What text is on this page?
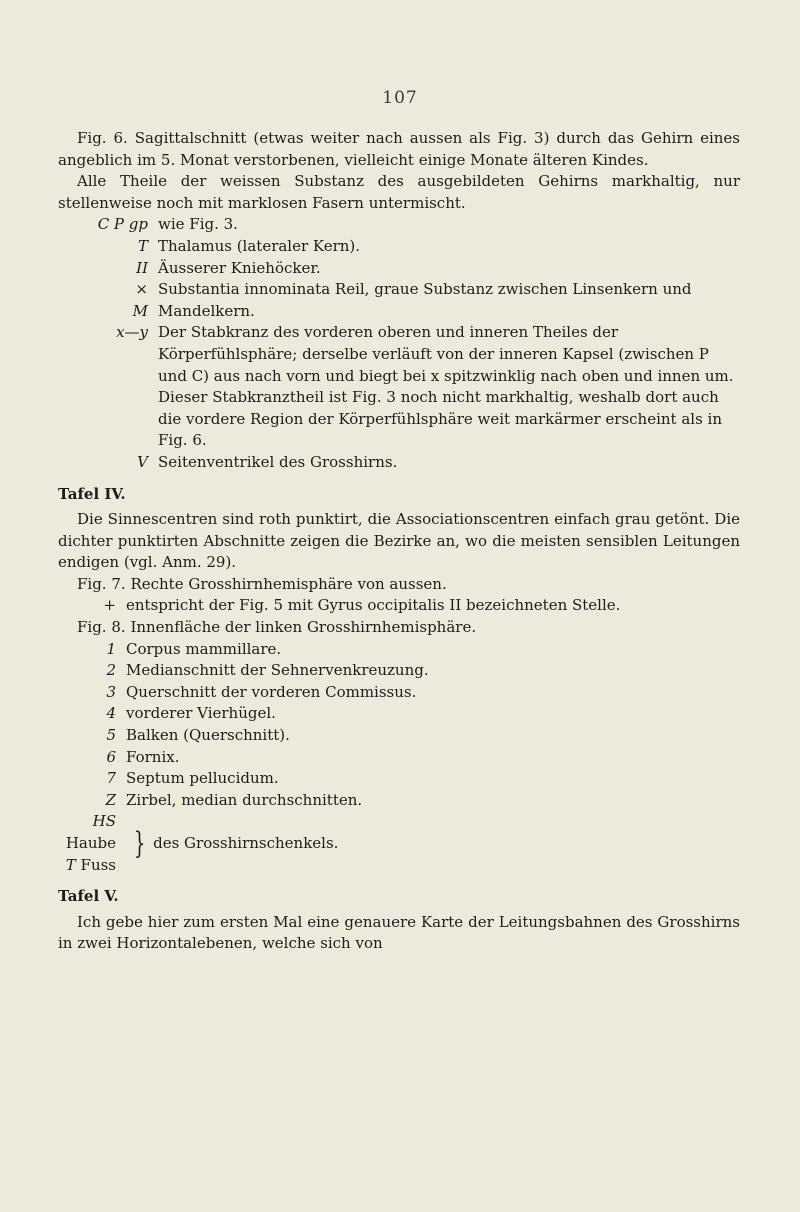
107

Fig. 6. Sagittalschnitt (etwas weiter nach aussen als Fig. 3) durch das Gehirn eines angeblich im 5. Monat verstorbenen, vielleicht einige Monate älteren Kindes.

Alle Theile der weissen Substanz des ausgebildeten Gehirns markhaltig, nur stellenweise noch mit marklosen Fasern untermischt.

C P gp wie Fig. 3.
T Thalamus (lateraler Kern).
II Äusserer Kniehöcker.
× Substantia innominata Reil, graue Substanz zwischen Linsenkern und
M Mandelkern.
x—y Der Stabkranz des vorderen oberen und inneren Theiles der Körperfühlsphäre; derselbe verläuft von der inneren Kapsel (zwischen P und C) aus nach vorn und biegt bei x spitzwinklig nach oben und innen um. Dieser Stabkranztheil ist Fig. 3 noch nicht markhaltig, weshalb dort auch die vordere Region der Körperfühlsphäre weit markärmer erscheint als in Fig. 6.
V Seitenventrikel des Grosshirns.

Tafel IV.

Die Sinnescentren sind roth punktirt, die Associationscentren einfach grau getönt. Die dichter punktirten Abschnitte zeigen die Bezirke an, wo die meisten sensiblen Leitungen endigen (vgl. Anm. 29).

Fig. 7. Rechte Grosshirnhemisphäre von aussen.

+ entspricht der Fig. 5 mit Gyrus occipitalis II bezeichneten Stelle.

Fig. 8. Innenfläche der linken Grosshirnhemisphäre.

1 Corpus mammillare.
2 Medianschnitt der Sehnervenkreuzung.
3 Querschnitt der vorderen Commissus.
4 vorderer Vierhügel.
5 Balken (Querschnitt).
6 Fornix.
7 Septum pellucidum.
Z Zirbel, median durchschnitten.
HS Haube
T Fuss
} des Grosshirnschenkels.

Tafel V.

Ich gebe hier zum ersten Mal eine genauere Karte der Leitungsbahnen des Grosshirns in zwei Horizontalebenen, welche sich von
